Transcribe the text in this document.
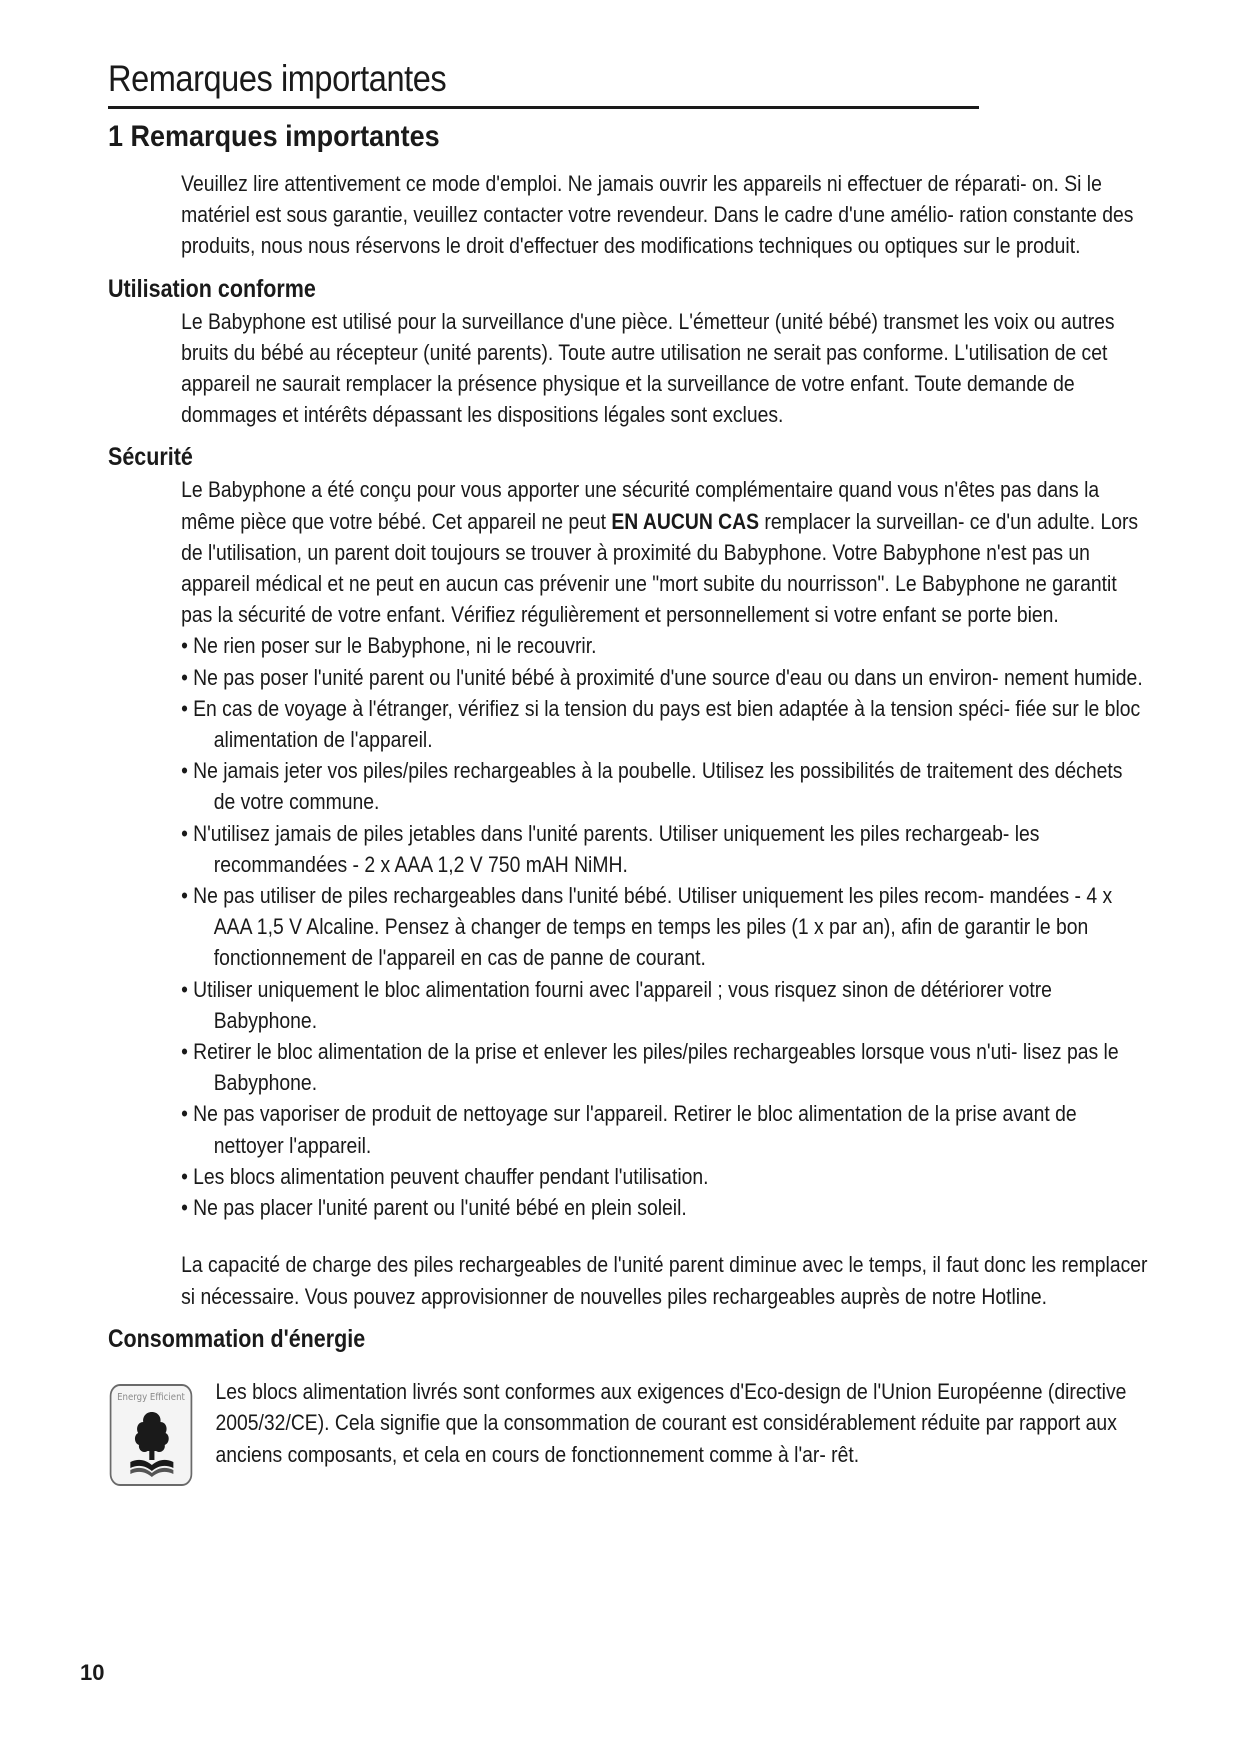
Remarques importantes
1 Remarques importantes

Veuillez lire attentivement ce mode d'emploi. Ne jamais ouvrir les appareils ni effectuer de réparati- on. Si le matériel est sous garantie, veuillez contacter votre revendeur. Dans le cadre d'une amélio- ration constante des produits, nous nous réservons le droit d'effectuer des modifications techniques ou optiques sur le produit.

Utilisation conforme

Le Babyphone est utilisé pour la surveillance d'une pièce. L'émetteur (unité bébé) transmet les voix ou autres bruits du bébé au récepteur (unité parents). Toute autre utilisation ne serait pas conforme. L'utilisation de cet appareil ne saurait remplacer la présence physique et la surveillance de votre enfant. Toute demande de dommages et intérêts dépassant les dispositions légales sont exclues.

Sécurité

Le Babyphone a été conçu pour vous apporter une sécurité complémentaire quand vous n'êtes pas dans la même pièce que votre bébé. Cet appareil ne peut EN AUCUN CAS remplacer la surveillan- ce d'un adulte. Lors de l'utilisation, un parent doit toujours se trouver à proximité du Babyphone. Votre Babyphone n'est pas un appareil médical et ne peut en aucun cas prévenir une "mort subite du nourrisson". Le Babyphone ne garantit pas la sécurité de votre enfant. Vérifiez régulièrement et personnellement si votre enfant se porte bien.

• Ne rien poser sur le Babyphone, ni le recouvrir.
• Ne pas poser l'unité parent ou l'unité bébé à proximité d'une source d'eau ou dans un environ- nement humide.
• En cas de voyage à l'étranger, vérifiez si la tension du pays est bien adaptée à la tension spéci- fiée sur le bloc alimentation de l'appareil.
• Ne jamais jeter vos piles/piles rechargeables à la poubelle. Utilisez les possibilités de traitement des déchets de votre commune.
• N'utilisez jamais de piles jetables dans l'unité parents. Utiliser uniquement les piles rechargeab- les recommandées - 2 x AAA 1,2 V 750 mAH NiMH.
• Ne pas utiliser de piles rechargeables dans l'unité bébé. Utiliser uniquement les piles recom- mandées - 4 x AAA 1,5 V Alcaline. Pensez à changer de temps en temps les piles (1 x par an), afin de garantir le bon fonctionnement de l'appareil en cas de panne de courant.
• Utiliser uniquement le bloc alimentation fourni avec l'appareil ; vous risquez sinon de détériorer votre Babyphone.
• Retirer le bloc alimentation de la prise et enlever les piles/piles rechargeables lorsque vous n'uti- lisez pas le Babyphone.
• Ne pas vaporiser de produit de nettoyage sur l'appareil. Retirer le bloc alimentation de la prise avant de nettoyer l'appareil.
• Les blocs alimentation peuvent chauffer pendant l'utilisation.
• Ne pas placer l'unité parent ou l'unité bébé en plein soleil.

La capacité de charge des piles rechargeables de l'unité parent diminue avec le temps, il faut donc les remplacer si nécessaire. Vous pouvez approvisionner de nouvelles piles rechargeables auprès de notre Hotline.

Consommation d'énergie
Energy Efficient Les blocs alimentation livrés sont conformes aux exigences d'Eco-design de l'Union Européenne (directive 2005/32/CE). Cela signifie que la consommation de courant est considérablement réduite par rapport aux anciens composants, et cela en cours de fonctionnement comme à l'ar- rêt.

10
